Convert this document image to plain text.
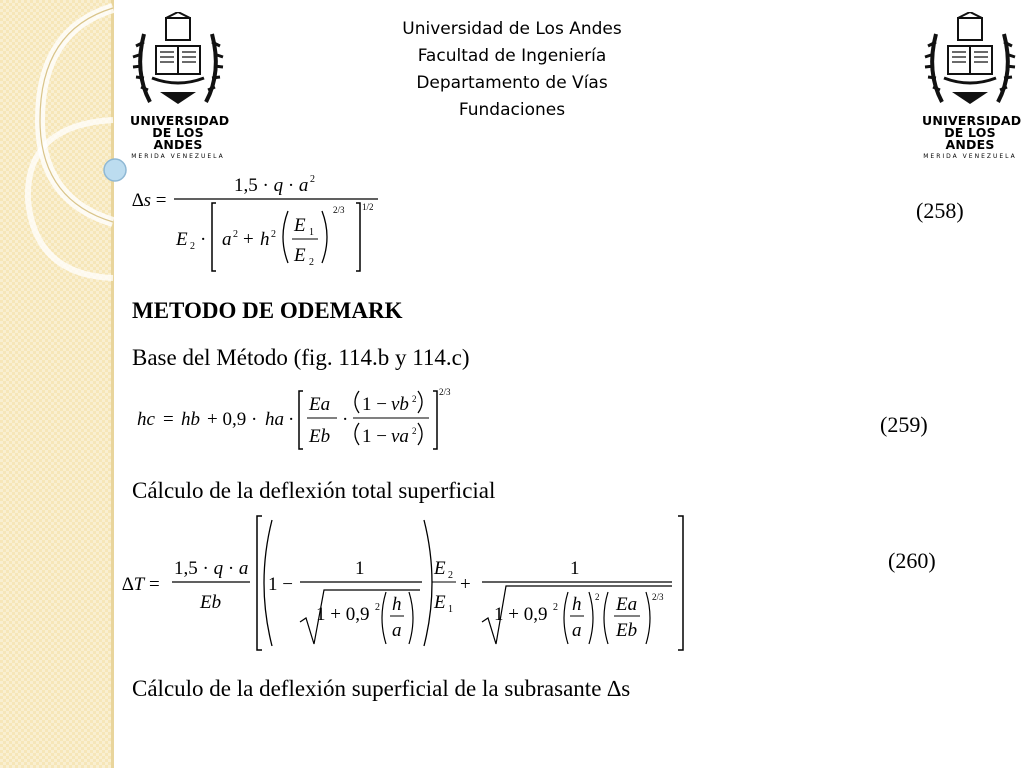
UNIVERSIDAD
DE LOS ANDES
MERIDA VENEZUELA
UNIVERSIDAD
DE LOS ANDES
MERIDA VENEZUELA
Universidad de Los Andes
Facultad de Ingeniería
Departamento de Vías
Fundaciones
∆s =
1,5 · q · a 2
E 2 · a 2 + h 2 E 1
E 2
2/3 1/2	(258)
METODO DE ODEMARK
Base del Método (fig. 114.b y 114.c)
hc = hb + 0,9 · ha ·
Ea
Eb
·
1 − νb 2
1 − νa 2
2/3
(259)
Cálculo de la deflexión total superficial
∆T =
1,5 · q · a
Eb
1 −
1
1 + 0,9 2 h
a
E 2
E 1
+
1
1 + 0,9 2 h
a
2 Ea
Eb
2/3
(260)
Cálculo de la deflexión superficial de la subrasante ∆s
